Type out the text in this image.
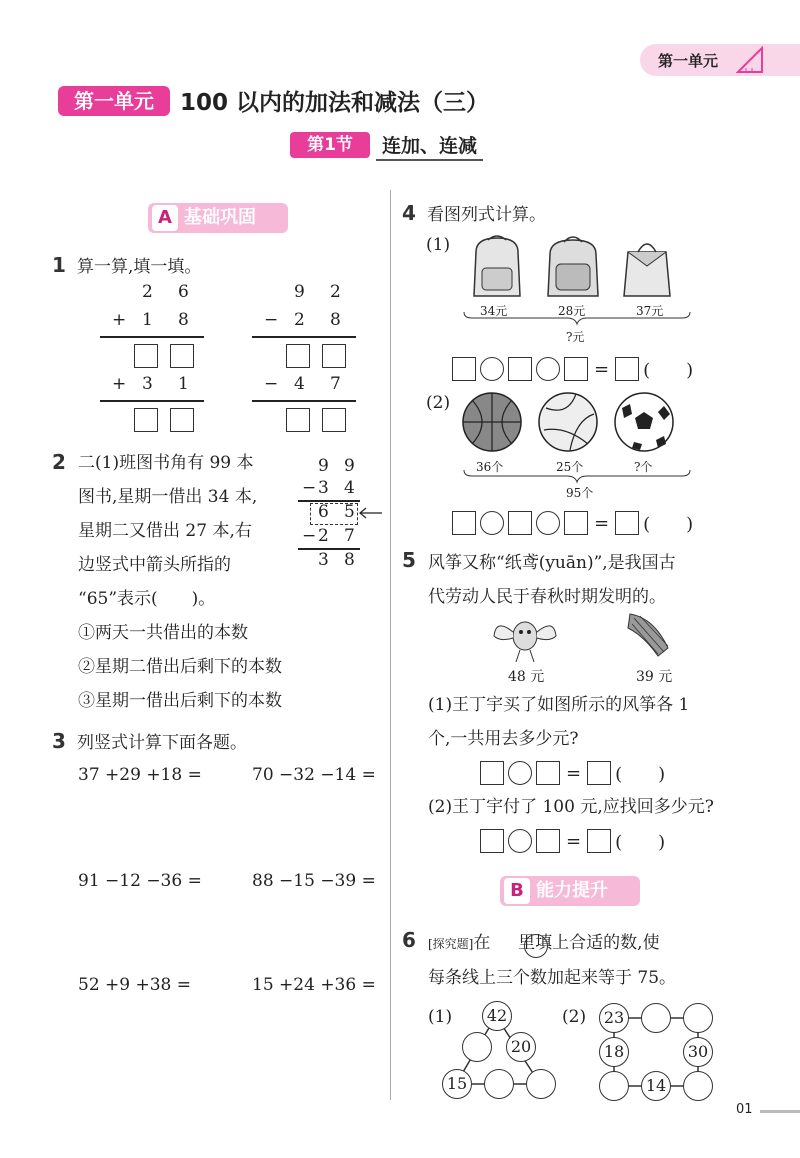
第一单元
第一单元	100 以内的加法和减法（三）
第1节	连加、连减
A 基础巩固
1 算一算,填一填。
2 6
+ 1 8
+ 3 1
9 2
− 2 8
− 4 7
2 二(1)班图书角有 99 本
图书,星期一借出 34 本,
星期二又借出 27 本,右
边竖式中箭头所指的
“65”表示(　　)。
①两天一共借出的本数
②星期二借出后剩下的本数
③星期一借出后剩下的本数
9 9
− 3 4
6 5
− 2 7
3 8
3 列竖式计算下面各题。
37 +29 +18 =	70 −32 −14 =
91 −12 −36 =	88 −15 −39 =
52 +9 +38 =	15 +24 +36 =
4 看图列式计算。
(1)
34元	28元	37元
?元
= (　　)
(2)
36个	25个	?个
95个
= (　　)
5 风筝又称“纸鸢(yuān)”,是我国古
代劳动人民于春秋时期发明的。
48 元	39 元
(1)王丁宇买了如图所示的风筝各 1
个,一共用去多少元?
= (　　)
(2)王丁宇付了 100 元,应找回多少元?
= (　　)
B 能力提升
6 [探究题]在 　 里填上合适的数,使
每条线上三个数加起来等于 75。
(1)	42
20
15
(2)	23
18	30
14
01
